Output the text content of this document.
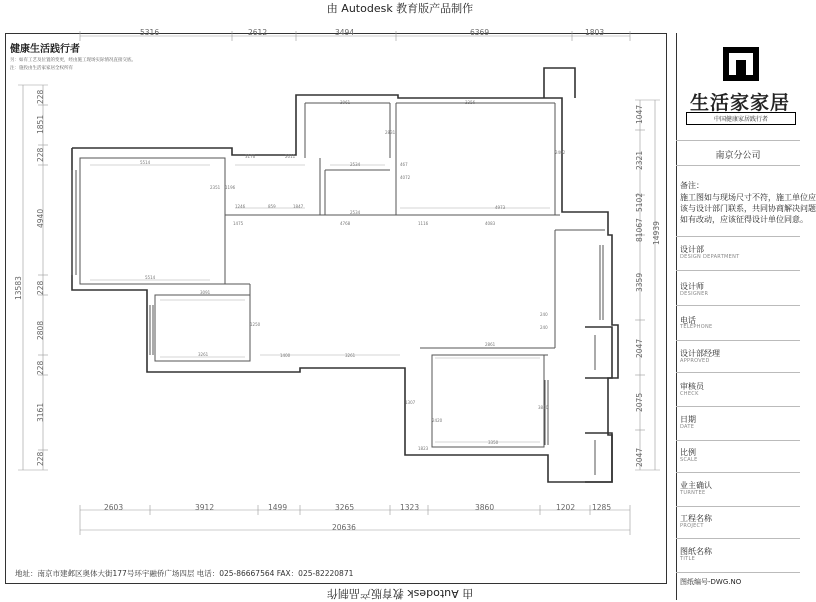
由 Autodesk 教育版产品制作
由 Autodesk 教育版产品制作
健康生活践行者
另：如有工艺及位置的变更，经由施工现场实际情况直接交底。
注：施投由生活家家居全权所有
5316	2612	3494	6369	1803
2603	3912	1499	3265	1323	3860	1202 1285
20636
228
1851
228
4940
228
2808
228
3161
228
13583
1047
2321
5102
81067
3359
2047
2075
2047
14939
5514
2351
3176
1196
2011
1246	859	1847
1475	4768
3061
2534
2534
3356
467
4072
1116
4973
4083
2831
2402
5514
3091
3261	1400	3261
240
2861
3350
240
1823
3850
1250
2420
1307
地址：南京市建邺区奥体大街177号环宇融侨广场四层 电话：025-86667564 FAX：025-82220871
生活家家居
中国健康家居践行者
南京分公司
备注：
施工图如与现场尺寸不符，施工单位应
该与设计部门联系，共同协商解决问题
如有改动，应该征得设计单位同意。
设计部
DESIGN DEPARTMENT
设计师
DESIGNER
电话
TELEPHONE
设计部经理
APPROVED
审核员
CHECK
日期
DATE
比例
SCALE
业主确认
TURNTEE
工程名称
PROJECT
图纸名称
TITLE
图纸编号-DWG.NO
